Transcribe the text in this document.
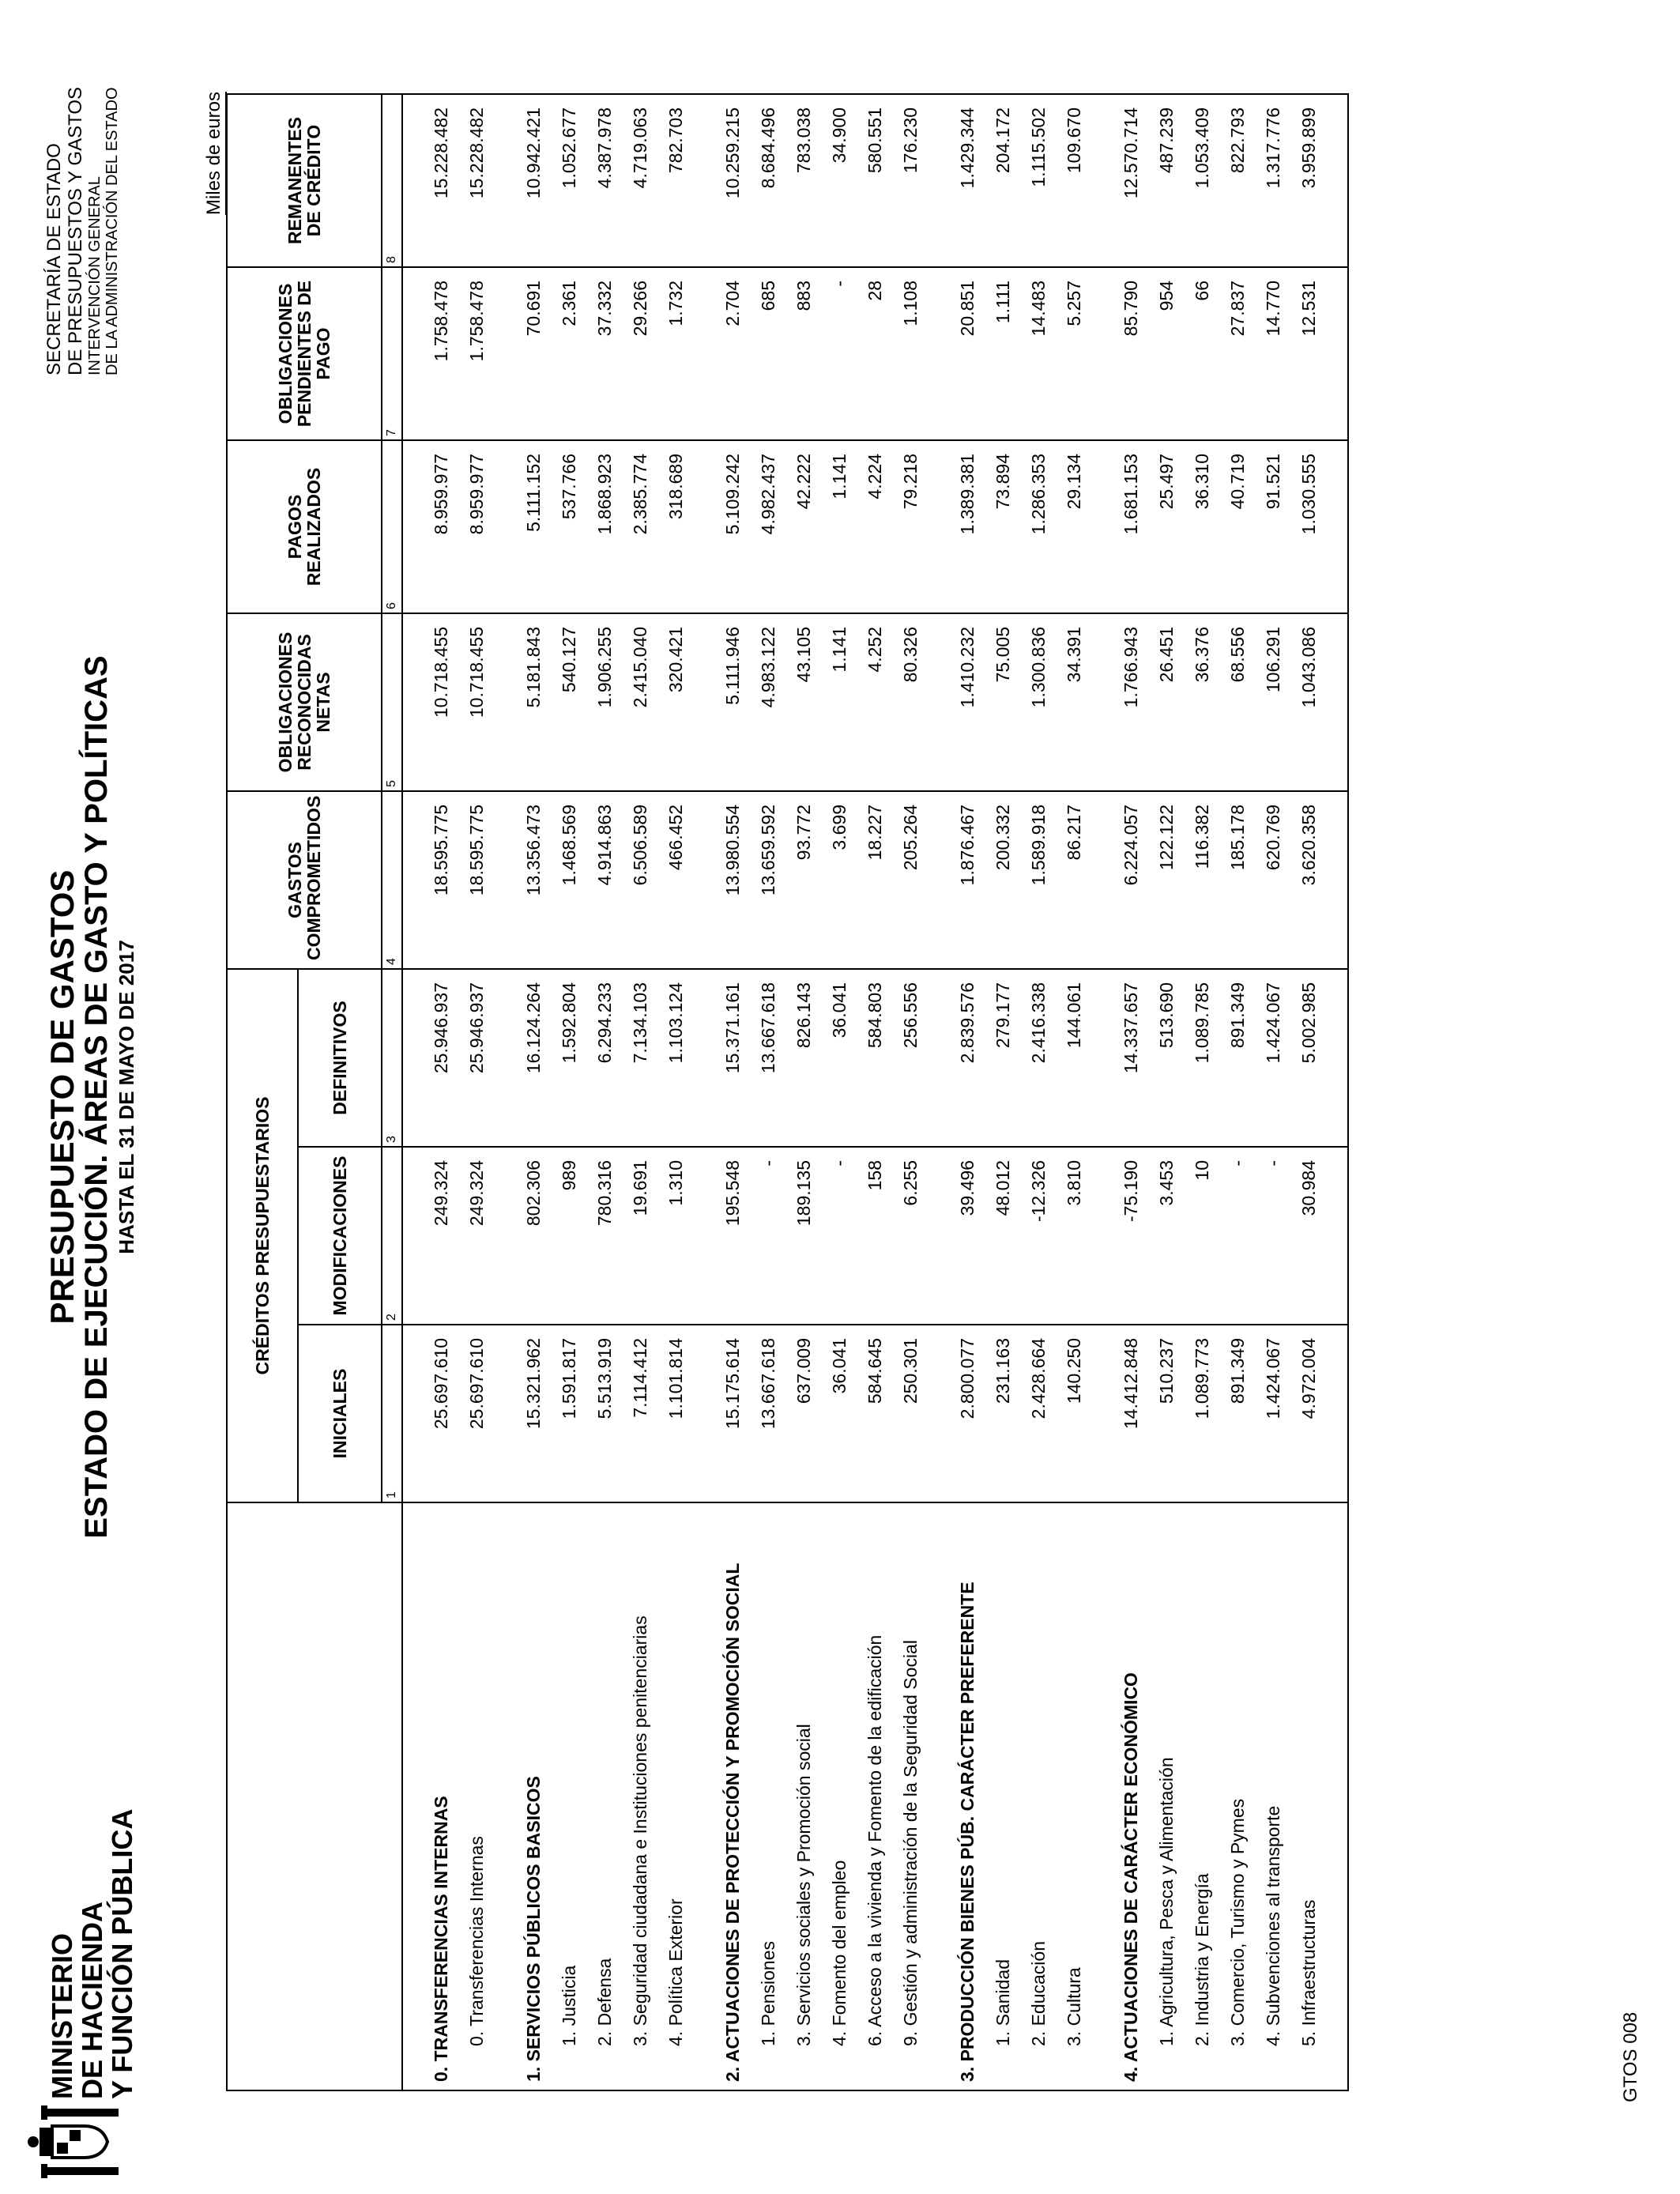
MINISTERIO
DE HACIENDA
Y FUNCIÓN PÚBLICA
PRESUPUESTO DE GASTOS
ESTADO DE EJECUCIÓN. ÁREAS DE GASTO Y POLÍTICAS HASTA EL 31 DE MAYO DE 2017
SECRETARÍA DE ESTADO DE PRESUPUESTOS Y GASTOS INTERVENCIÓN GENERAL DE LA ADMINISTRACIÓN DEL ESTADO	Miles de euros
	CRÉDITOS PRESUPUESTARIOS			GASTOS COMPROMETIDOS	OBLIGACIONES RECONOCIDAS NETAS	PAGOS REALIZADOS	OBLIGACIONES PENDIENTES DE PAGO	REMANENTES DE CRÉDITO
	INICIALES	MODIFICACIONES	DEFINITIVOS					
	1	2	3	4	5	6	7	8

0. TRANSFERENCIAS INTERNAS	25.697.610	249.324	25.946.937	18.595.775	10.718.455	8.959.977	1.758.478	15.228.482
0. Transferencias Internas	25.697.610	249.324	25.946.937	18.595.775	10.718.455	8.959.977	1.758.478	15.228.482

1. SERVICIOS PÚBLICOS BASICOS	15.321.962	802.306	16.124.264	13.356.473	5.181.843	5.111.152	70.691	10.942.421
1. Justicia	1.591.817	989	1.592.804	1.468.569	540.127	537.766	2.361	1.052.677
2. Defensa	5.513.919	780.316	6.294.233	4.914.863	1.906.255	1.868.923	37.332	4.387.978
3. Seguridad ciudadana e Instituciones penitenciarias	7.114.412	19.691	7.134.103	6.506.589	2.415.040	2.385.774	29.266	4.719.063
4. Política Exterior	1.101.814	1.310	1.103.124	466.452	320.421	318.689	1.732	782.703

2. ACTUACIONES DE PROTECCIÓN Y PROMOCIÓN SOCIAL	15.175.614	195.548	15.371.161	13.980.554	5.111.946	5.109.242	2.704	10.259.215
1. Pensiones	13.667.618	-	13.667.618	13.659.592	4.983.122	4.982.437	685	8.684.496
3. Servicios sociales y Promoción social	637.009	189.135	826.143	93.772	43.105	42.222	883	783.038
4. Fomento del empleo	36.041	-	36.041	3.699	1.141	1.141	-	34.900
6. Acceso a la vivienda y Fomento de la edificación	584.645	158	584.803	18.227	4.252	4.224	28	580.551
9. Gestión y administración de la Seguridad Social	250.301	6.255	256.556	205.264	80.326	79.218	1.108	176.230

3. PRODUCCIÓN BIENES PÚB. CARÁCTER PREFERENTE	2.800.077	39.496	2.839.576	1.876.467	1.410.232	1.389.381	20.851	1.429.344
1. Sanidad	231.163	48.012	279.177	200.332	75.005	73.894	1.111	204.172
2. Educación	2.428.664	-12.326	2.416.338	1.589.918	1.300.836	1.286.353	14.483	1.115.502
3. Cultura	140.250	3.810	144.061	86.217	34.391	29.134	5.257	109.670

4. ACTUACIONES DE CARÁCTER ECONÓMICO	14.412.848	-75.190	14.337.657	6.224.057	1.766.943	1.681.153	85.790	12.570.714
1. Agricultura, Pesca y Alimentación	510.237	3.453	513.690	122.122	26.451	25.497	954	487.239
2. Industria y Energía	1.089.773	10	1.089.785	116.382	36.376	36.310	66	1.053.409
3. Comercio, Turismo y Pymes	891.349	-	891.349	185.178	68.556	40.719	27.837	822.793
4. Subvenciones al transporte	1.424.067	-	1.424.067	620.769	106.291	91.521	14.770	1.317.776
5. Infraestructuras	4.972.004	30.984	5.002.985	3.620.358	1.043.086	1.030.555	12.531	3.959.899

GTOS 008
